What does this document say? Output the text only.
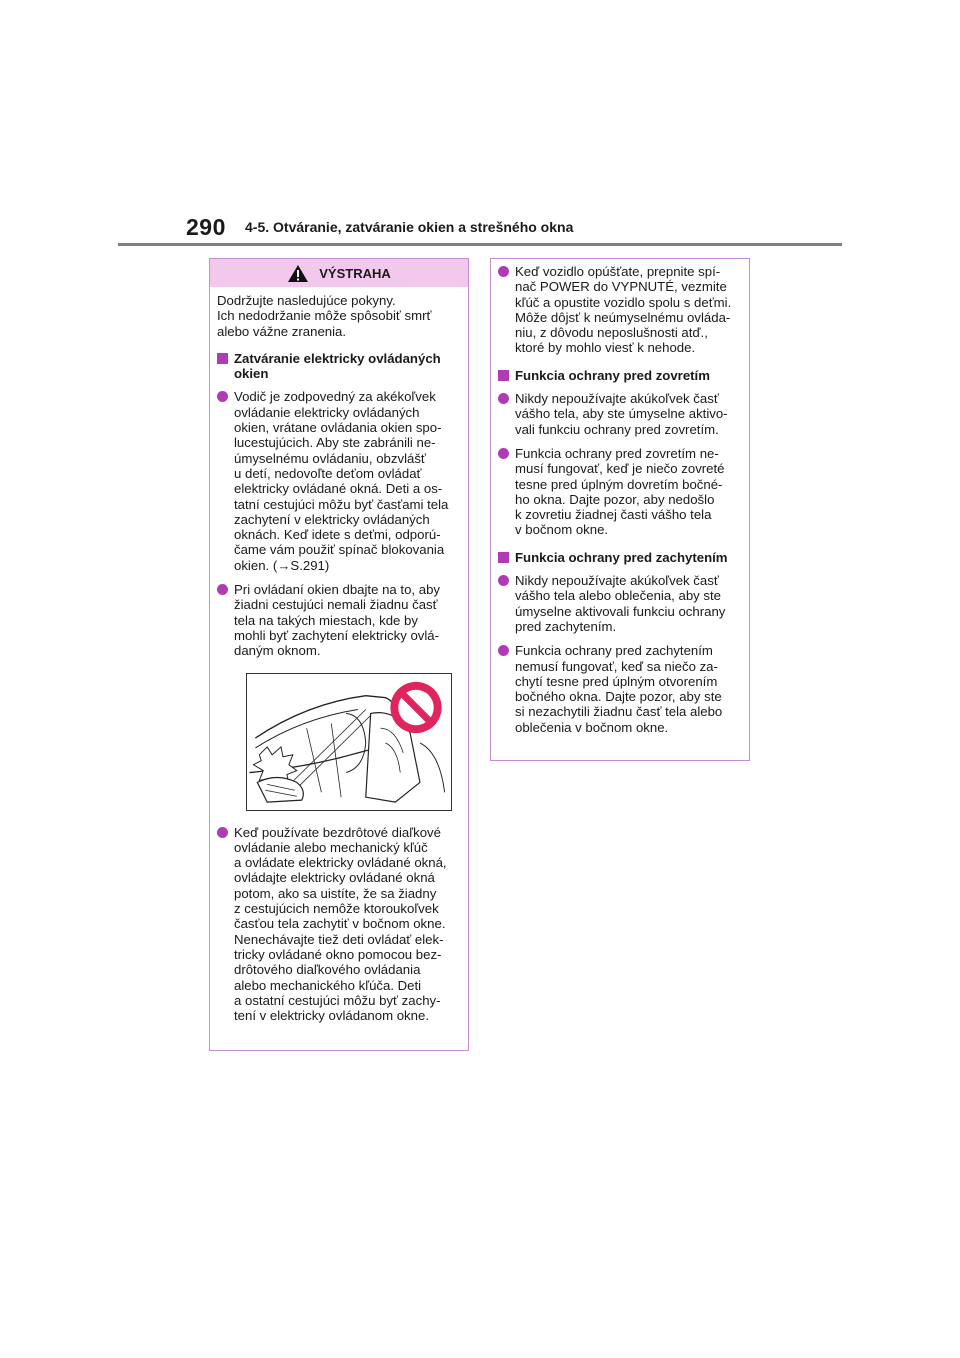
290 4-5. Otváranie, zatváranie okien a strešného okna
VÝSTRAHA
Dodržujte nasledujúce pokyny.
Ich nedodržanie môže spôsobiť smrť
alebo vážne zranenia.
Zatváranie elektricky ovládaných
okien
Vodič je zodpovedný za akékoľvek
ovládanie elektricky ovládaných
okien, vrátane ovládania okien spo-
lucestujúcich. Aby ste zabránili ne-
úmyselnému ovládaniu, obzvlášť
u detí, nedovoľte deťom ovládať
elektricky ovládané okná. Deti a os-
tatní cestujúci môžu byť časťami tela
zachytení v elektricky ovládaných
oknách. Keď idete s deťmi, odporú-
čame vám použiť spínač blokovania
okien. (→S.291)
Pri ovládaní okien dbajte na to, aby
žiadni cestujúci nemali žiadnu časť
tela na takých miestach, kde by
mohli byť zachytení elektricky ovlá-
daným oknom.
Keď používate bezdrôtové diaľkové
ovládanie alebo mechanický kľúč
a ovládate elektricky ovládané okná,
ovládajte elektricky ovládané okná
potom, ako sa uistíte, že sa žiadny
z cestujúcich nemôže ktoroukoľvek
časťou tela zachytiť v bočnom okne.
Nenechávajte tiež deti ovládať elek-
tricky ovládané okno pomocou bez-
drôtového diaľkového ovládania
alebo mechanického kľúča. Deti
a ostatní cestujúci môžu byť zachy-
tení v elektricky ovládanom okne.
Keď vozidlo opúšťate, prepnite spí-
nač POWER do VYPNUTÉ, vezmite
kľúč a opustite vozidlo spolu s deťmi.
Môže dôjsť k neúmyselnému ovláda-
niu, z dôvodu neposlušnosti atď.,
ktoré by mohlo viesť k nehode.
Funkcia ochrany pred zovretím
Nikdy nepoužívajte akúkoľvek časť
vášho tela, aby ste úmyselne aktivo-
vali funkciu ochrany pred zovretím.
Funkcia ochrany pred zovretím ne-
musí fungovať, keď je niečo zovreté
tesne pred úplným dovretím bočné-
ho okna. Dajte pozor, aby nedošlo
k zovretiu žiadnej časti vášho tela
v bočnom okne.
Funkcia ochrany pred zachytením
Nikdy nepoužívajte akúkoľvek časť
vášho tela alebo oblečenia, aby ste
úmyselne aktivovali funkciu ochrany
pred zachytením.
Funkcia ochrany pred zachytením
nemusí fungovať, keď sa niečo za-
chytí tesne pred úplným otvorením
bočného okna. Dajte pozor, aby ste
si nezachytili žiadnu časť tela alebo
oblečenia v bočnom okne.
